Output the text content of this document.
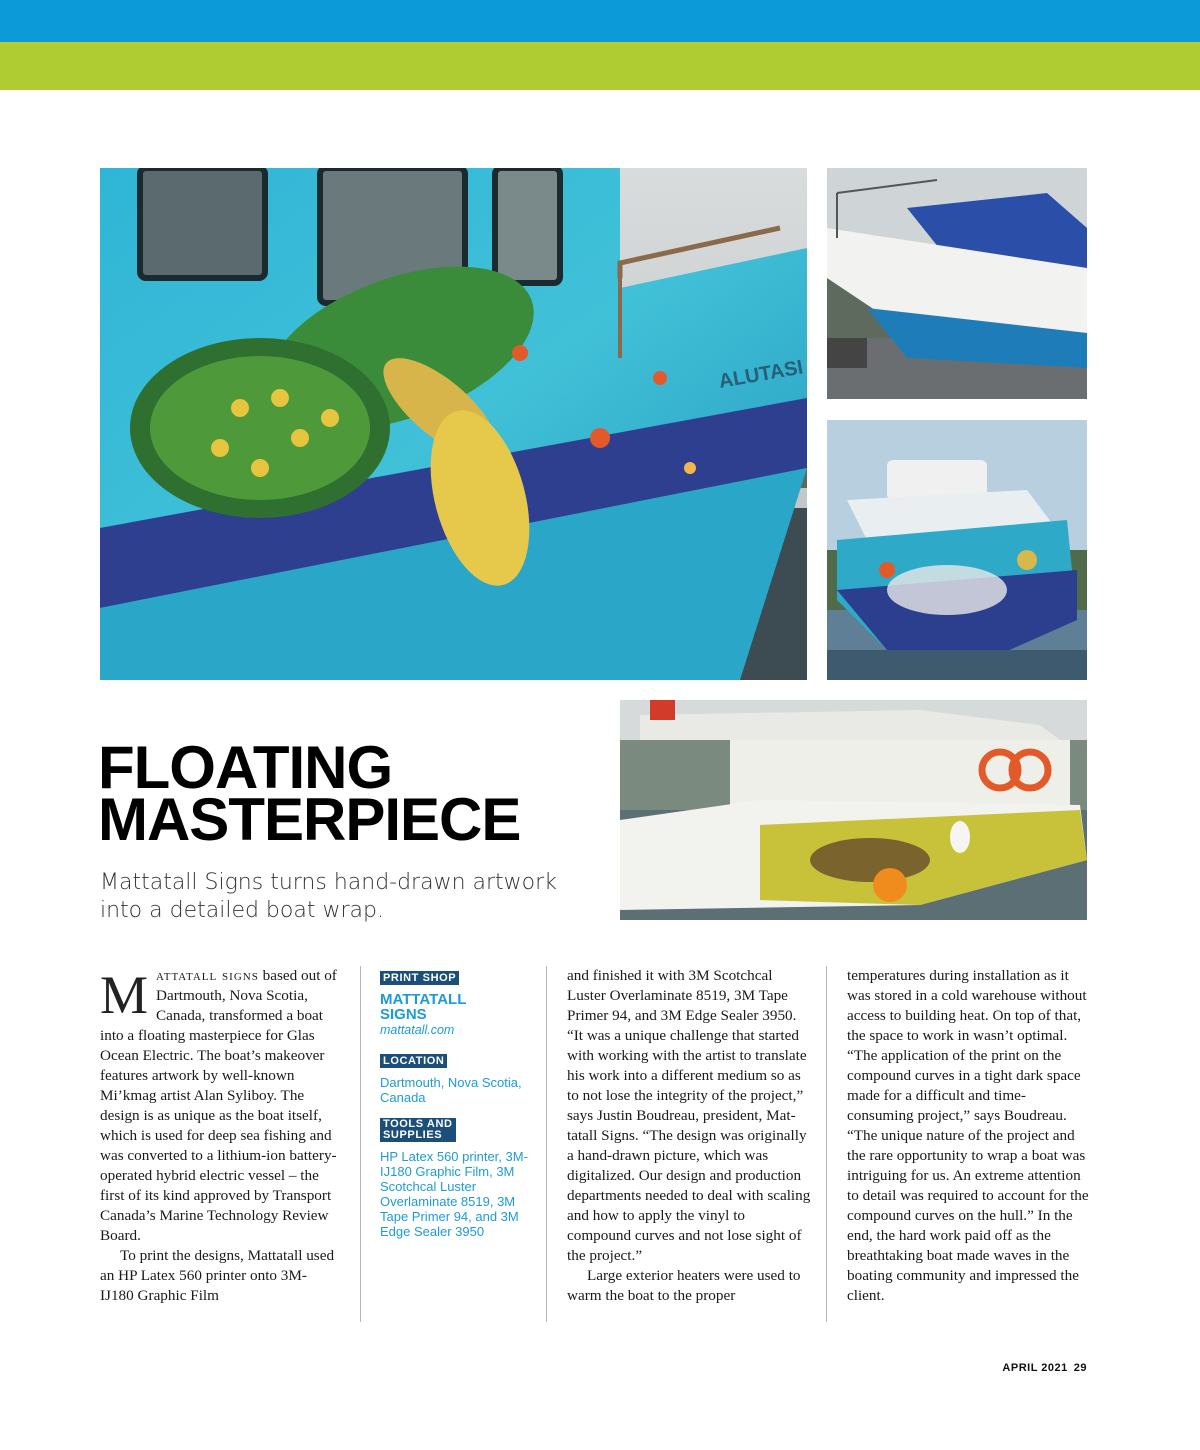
ALUTASI
FLOATING
MASTERPIECE
Mattatall Signs turns hand-drawn artwork into a detailed boat wrap.

Mattatall signs based out of Dartmouth, Nova Scotia, Canada, transformed a boat into a floating masterpiece for Glas Ocean Electric. The boat’s makeover features artwork by well-known Mi’kmag artist Alan Syliboy. The design is as unique as the boat itself, which is used for deep sea fishing and was converted to a lithium-ion battery-operated hybrid electric vessel – the first of its kind approved by Transport Canada’s Marine Technology Review Board.

To print the designs, Mattatall used an HP Latex 560 printer onto 3M-IJ180 Graphic Film

PRINT SHOP
MATTATALL
SIGNS
mattatall.com
LOCATION
Dartmouth, Nova Scotia, Canada
TOOLS AND
SUPPLIES
HP Latex 560 printer, 3M-IJ180 Graphic Film, 3M Scotchcal Luster Overlaminate 8519, 3M Tape Primer 94, and 3M Edge Sealer 3950

and finished it with 3M Scotchcal Luster Overlaminate 8519, 3M Tape Primer 94, and 3M Edge Sealer 3950. “It was a unique challenge that started with working with the artist to translate his work into a different medium so as to not lose the integrity of the project,” says Justin Boudreau, president, Mattatall Signs. “The design was originally a hand-drawn picture, which was digitalized. Our design and production departments needed to deal with scaling and how to apply the vinyl to compound curves and not lose sight of the project.”

Large exterior heaters were used to warm the boat to the proper

temperatures during installation as it was stored in a cold warehouse without access to building heat. On top of that, the space to work in wasn’t optimal. “The application of the print on the compound curves in a tight dark space made for a difficult and time-consuming project,” says Boudreau. “The unique nature of the project and the rare opportunity to wrap a boat was intriguing for us. An extreme attention to detail was required to account for the compound curves on the hull.” In the end, the hard work paid off as the breathtaking boat made waves in the boating community and impressed the client.

APRIL 2021 29
